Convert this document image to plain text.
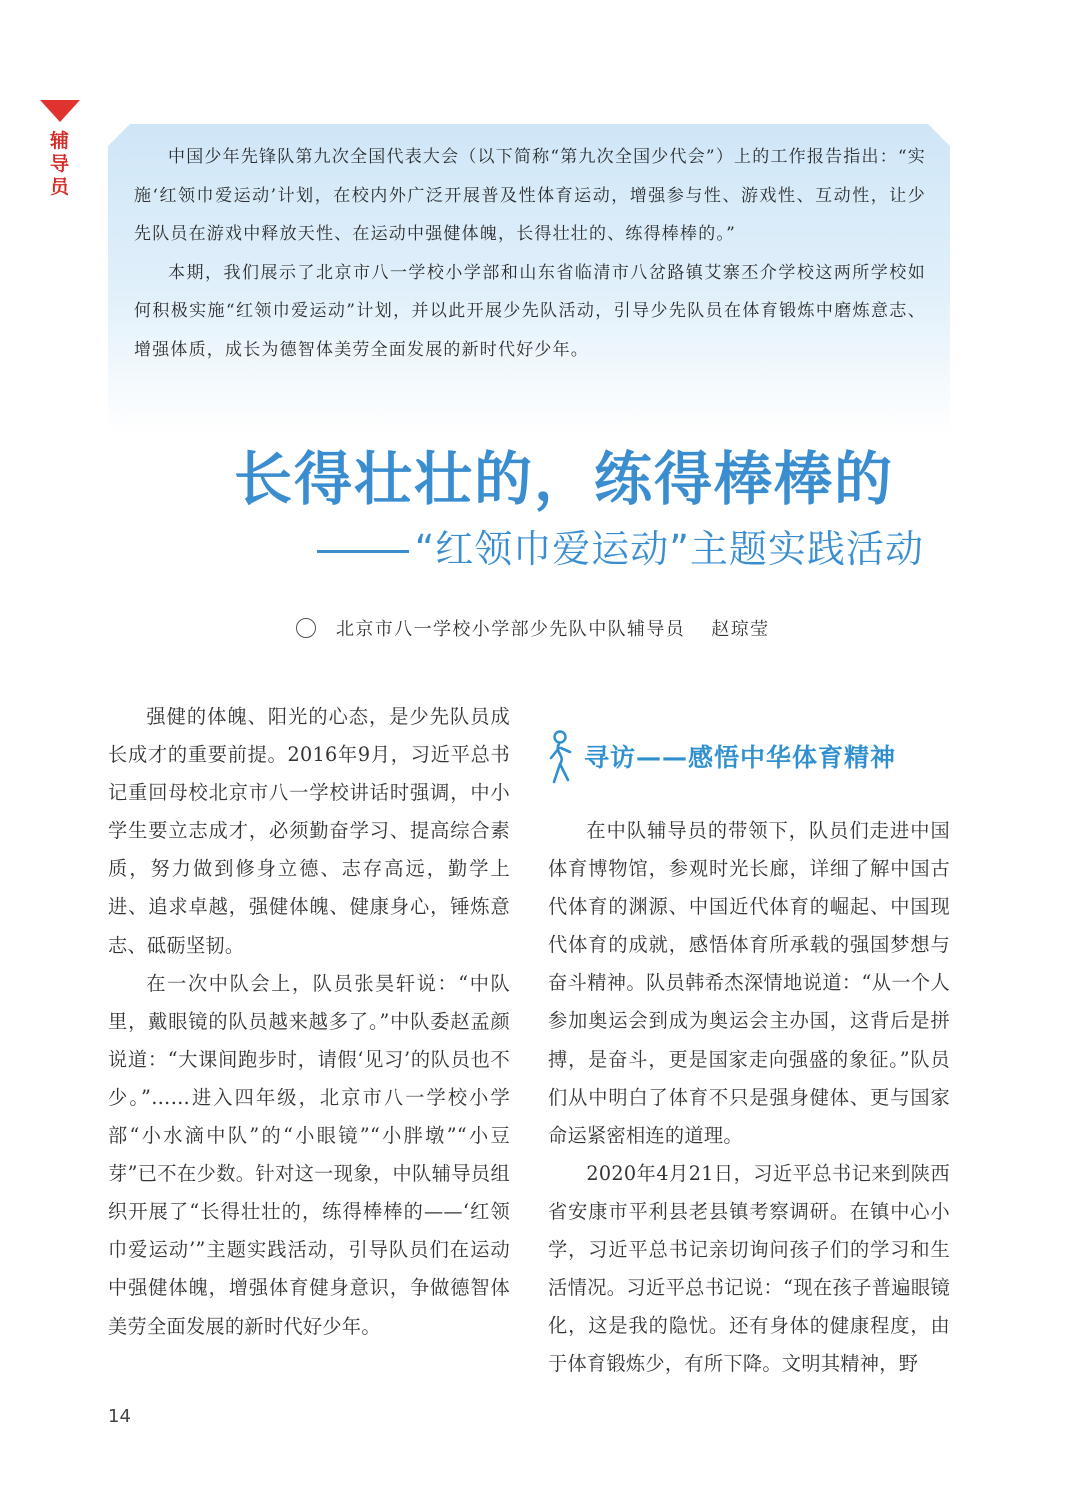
辅导员

中国少年先锋队第九次全国代表大会（以下简称“第九次全国少代会”）上的工作报告指出：“实施‘红领巾爱运动’计划，在校内外广泛开展普及性体育运动，增强参与性、游戏性、互动性，让少先队员在游戏中释放天性、在运动中强健体魄，长得壮壮的、练得棒棒的。”

本期，我们展示了北京市八一学校小学部和山东省临清市八岔路镇艾寨丕介学校这两所学校如何积极实施“红领巾爱运动”计划，并以此开展少先队活动，引导少先队员在体育锻炼中磨炼意志、增强体质，成长为德智体美劳全面发展的新时代好少年。

长得壮壮的，练得棒棒的
“红领巾爱运动”主题实践活动
北京市八一学校小学部少先队中队辅导员 赵琼莹

强健的体魄、阳光的心态，是少先队员成长成才的重要前提。2016年9月，习近平总书记重回母校北京市八一学校讲话时强调，中小学生要立志成才，必须勤奋学习、提高综合素质，努力做到修身立德、志存高远，勤学上进、追求卓越，强健体魄、健康身心，锤炼意志、砥砺坚韧。

在一次中队会上，队员张昊轩说：“中队里，戴眼镜的队员越来越多了。”中队委赵孟颜说道：“大课间跑步时，请假‘见习’的队员也不少。”……进入四年级，北京市八一学校小学部“小水滴中队”的“小眼镜”“小胖墩”“小豆芽”已不在少数。针对这一现象，中队辅导员组织开展了“长得壮壮的，练得棒棒的——‘红领巾爱运动’”主题实践活动，引导队员们在运动中强健体魄，增强体育健身意识，争做德智体美劳全面发展的新时代好少年。

寻访——感悟中华体育精神

在中队辅导员的带领下，队员们走进中国体育博物馆，参观时光长廊，详细了解中国古代体育的渊源、中国近代体育的崛起、中国现代体育的成就，感悟体育所承载的强国梦想与奋斗精神。队员韩希杰深情地说道：“从一个人参加奥运会到成为奥运会主办国，这背后是拼搏，是奋斗，更是国家走向强盛的象征。”队员们从中明白了体育不只是强身健体、更与国家命运紧密相连的道理。

2020年4月21日，习近平总书记来到陕西省安康市平利县老县镇考察调研。在镇中心小学，习近平总书记亲切询问孩子们的学习和生活情况。习近平总书记说：“现在孩子普遍眼镜化，这是我的隐忧。还有身体的健康程度，由于体育锻炼少，有所下降。文明其精神，野

14
